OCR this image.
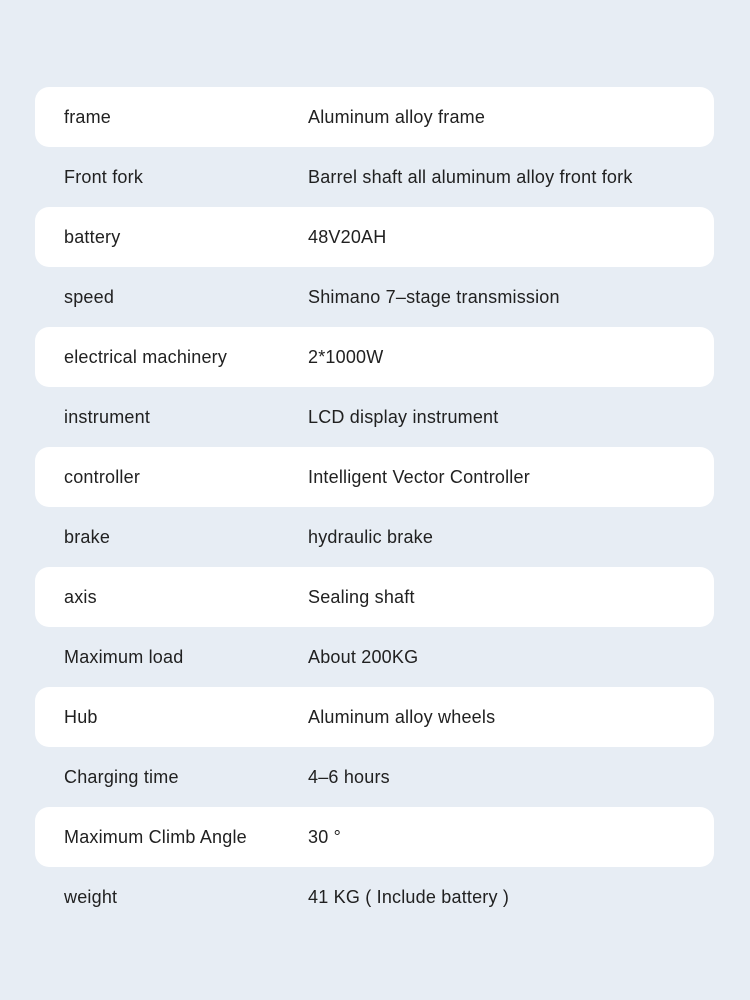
frame	Aluminum alloy frame
Front fork	Barrel shaft all aluminum alloy front fork
battery	48V20AH
speed	Shimano 7–stage transmission
electrical machinery	2*1000W
instrument	LCD display instrument
controller	Intelligent Vector Controller
brake	hydraulic brake
axis	Sealing shaft
Maximum load	About 200KG
Hub	Aluminum alloy wheels
Charging time	4–6 hours
Maximum Climb Angle	30 °
weight	41 KG ( Include battery )
